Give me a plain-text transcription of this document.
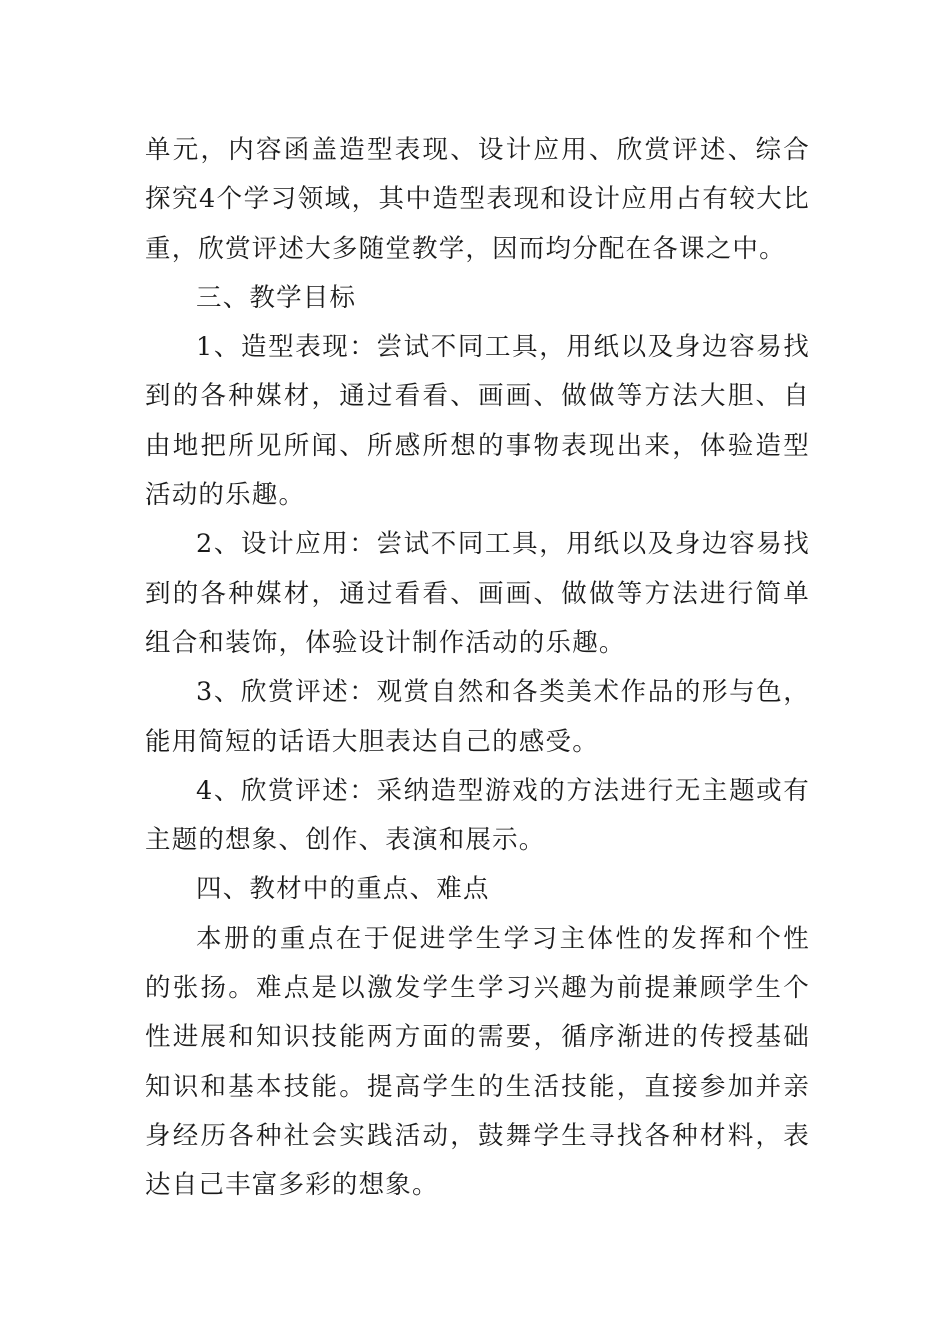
单元，内容函盖造型表现、设计应用、欣赏评述、综合探究4个学习领域，其中造型表现和设计应用占有较大比重，欣赏评述大多随堂教学，因而均分配在各课之中。

三、教学目标

1、造型表现：尝试不同工具，用纸以及身边容易找到的各种媒材，通过看看、画画、做做等方法大胆、自由地把所见所闻、所感所想的事物表现出来，体验造型活动的乐趣。

2、设计应用：尝试不同工具，用纸以及身边容易找到的各种媒材，通过看看、画画、做做等方法进行简单组合和装饰，体验设计制作活动的乐趣。

3、欣赏评述：观赏自然和各类美术作品的形与色，能用简短的话语大胆表达自己的感受。

4、欣赏评述：采纳造型游戏的方法进行无主题或有主题的想象、创作、表演和展示。

四、教材中的重点、难点

本册的重点在于促进学生学习主体性的发挥和个性的张扬。难点是以激发学生学习兴趣为前提兼顾学生个性进展和知识技能两方面的需要，循序渐进的传授基础知识和基本技能。提高学生的生活技能，直接参加并亲身经历各种社会实践活动，鼓舞学生寻找各种材料，表达自己丰富多彩的想象。
